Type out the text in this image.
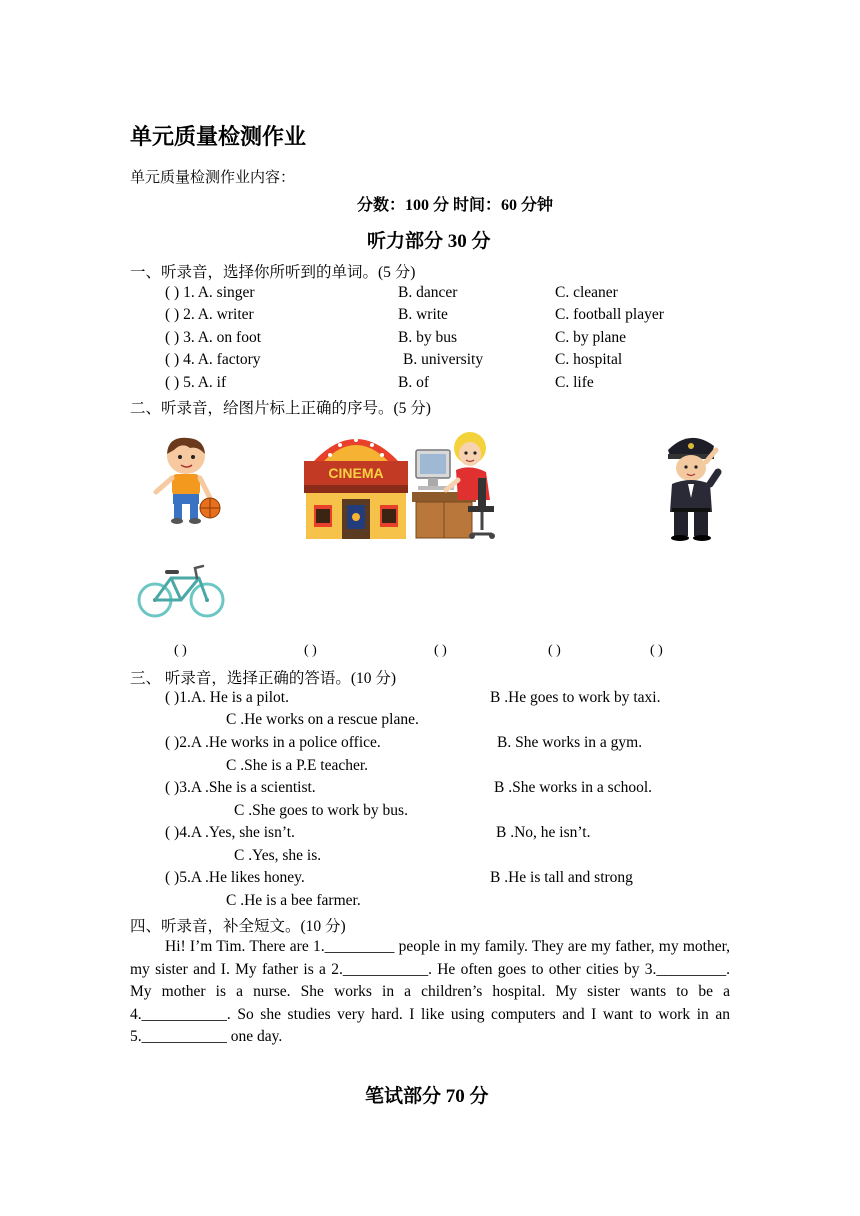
单元质量检测作业
单元质量检测作业内容：
分数：100 分 时间：60 分钟
听力部分 30 分
一、听录音，选择你所听到的单词。(5 分)
( ) 1. A. singer	B. dancer	C. cleaner
( ) 2. A. writer	B. write	C. football player
( ) 3. A. on foot	B. by bus	C. by plane
( ) 4. A. factory	B. university	C. hospital
( ) 5. A. if	B. of	C. life
二、听录音，给图片标上正确的序号。(5 分)
CINEMA
( )	( )	( )	( )	( )
三、 听录音，选择正确的答语。(10 分)
( )1.A. He is a pilot.	B .He goes to work by taxi.
C .He works on a rescue plane.
( )2.A .He works in a police office.	B. She works in a gym.
C .She is a P.E teacher.
( )3.A .She is a scientist.	B .She works in a school.
C .She goes to work by bus.
( )4.A .Yes, she isn’t.	B .No, he isn’t.
C .Yes, she is.
( )5.A .He likes honey.	B .He is tall and strong
C .He is a bee farmer.
四、听录音，补全短文。(10 分)
Hi! I’m Tim. There are 1._________ people in my family. They are my father, my mother, my sister and I. My father is a 2.___________. He often goes to other cities by 3._________. My mother is a nurse. She works in a children’s hospital. My sister wants to be a 4.___________. So she studies very hard. I like using computers and I want to work in an 5.___________ one day.
笔试部分 70 分
